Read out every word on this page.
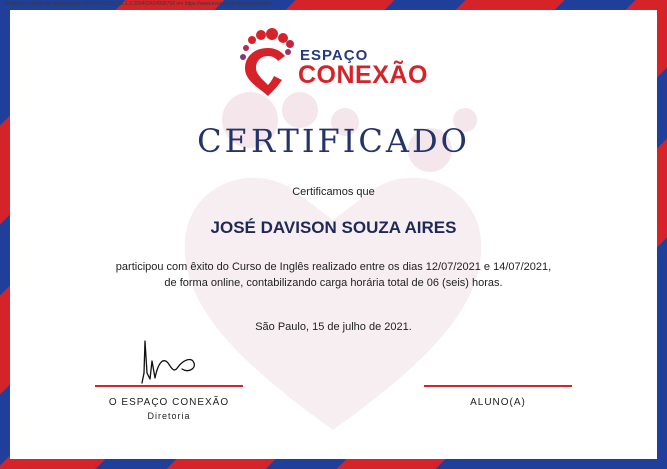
Verifique o código de autenticidade 6617043.8906793.1.0.390403424998768 em https://www.even3.com.br/documentos
ESPAÇO
CONEXÃO
CERTIFICADO
Certificamos que
JOSÉ DAVISON SOUZA AIRES
participou com êxito do Curso de Inglês realizado entre os dias 12/07/2021 e 14/07/2021,
de forma online, contabilizando carga horária total de 06 (seis) horas.
São Paulo, 15 de julho de 2021.
O ESPAÇO CONEXÃO
Diretoria
ALUNO(A)
